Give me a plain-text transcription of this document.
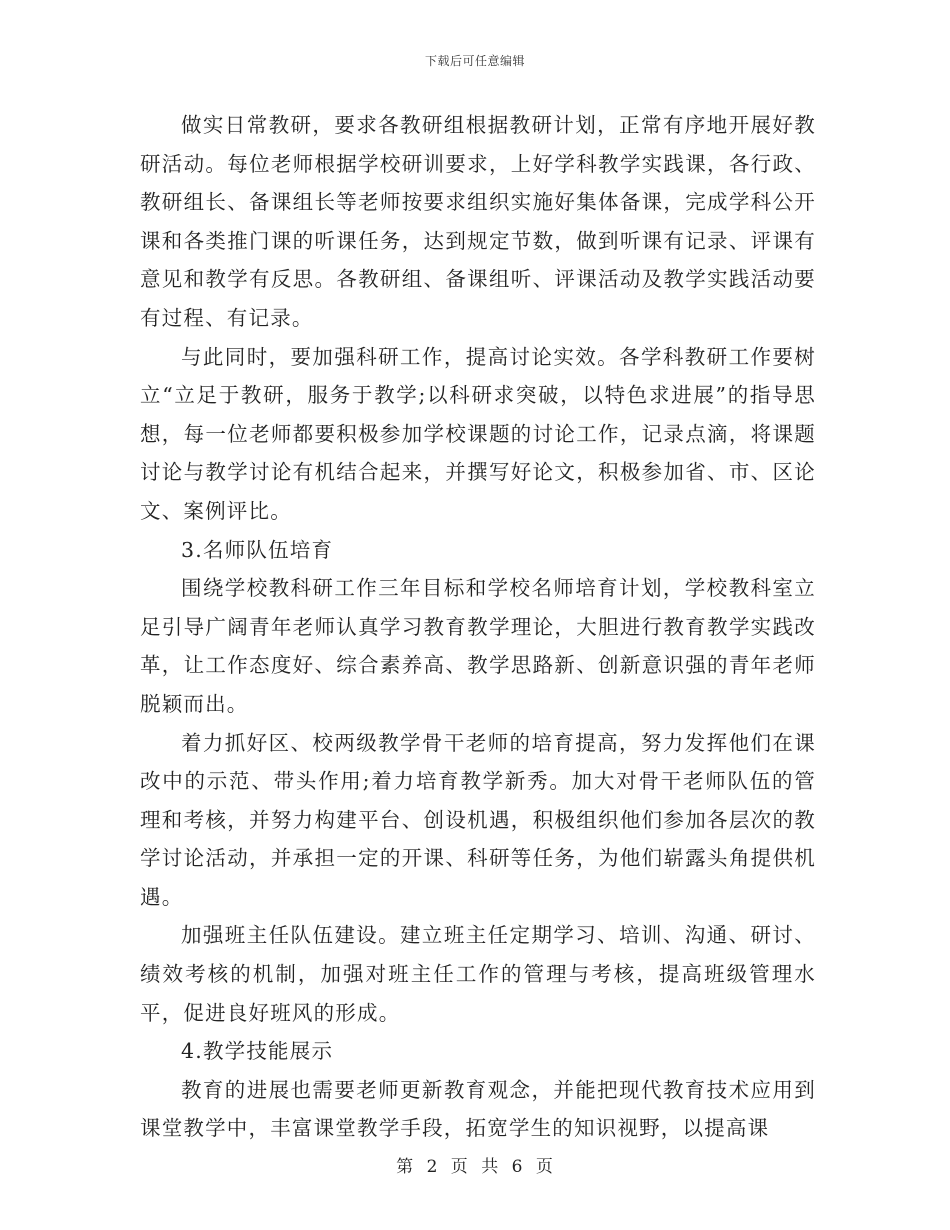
下载后可任意编辑

做实日常教研，要求各教研组根据教研计划，正常有序地开展好教研活动。每位老师根据学校研训要求，上好学科教学实践课，各行政、教研组长、备课组长等老师按要求组织实施好集体备课，完成学科公开课和各类推门课的听课任务，达到规定节数，做到听课有记录、评课有意见和教学有反思。各教研组、备课组听、评课活动及教学实践活动要有过程、有记录。

与此同时，要加强科研工作，提高讨论实效。各学科教研工作要树立“立足于教研，服务于教学;以科研求突破，以特色求进展”的指导思想，每一位老师都要积极参加学校课题的讨论工作，记录点滴，将课题讨论与教学讨论有机结合起来，并撰写好论文，积极参加省、市、区论文、案例评比。

3.名师队伍培育

围绕学校教科研工作三年目标和学校名师培育计划，学校教科室立足引导广阔青年老师认真学习教育教学理论，大胆进行教育教学实践改革，让工作态度好、综合素养高、教学思路新、创新意识强的青年老师脱颖而出。

着力抓好区、校两级教学骨干老师的培育提高，努力发挥他们在课改中的示范、带头作用;着力培育教学新秀。加大对骨干老师队伍的管理和考核，并努力构建平台、创设机遇，积极组织他们参加各层次的教学讨论活动，并承担一定的开课、科研等任务，为他们崭露头角提供机遇。

加强班主任队伍建设。建立班主任定期学习、培训、沟通、研讨、绩效考核的机制，加强对班主任工作的管理与考核，提高班级管理水平，促进良好班风的形成。

4.教学技能展示

教育的进展也需要老师更新教育观念，并能把现代教育技术应用到课堂教学中，丰富课堂教学手段，拓宽学生的知识视野，以提高课

第 2 页 共 6 页
